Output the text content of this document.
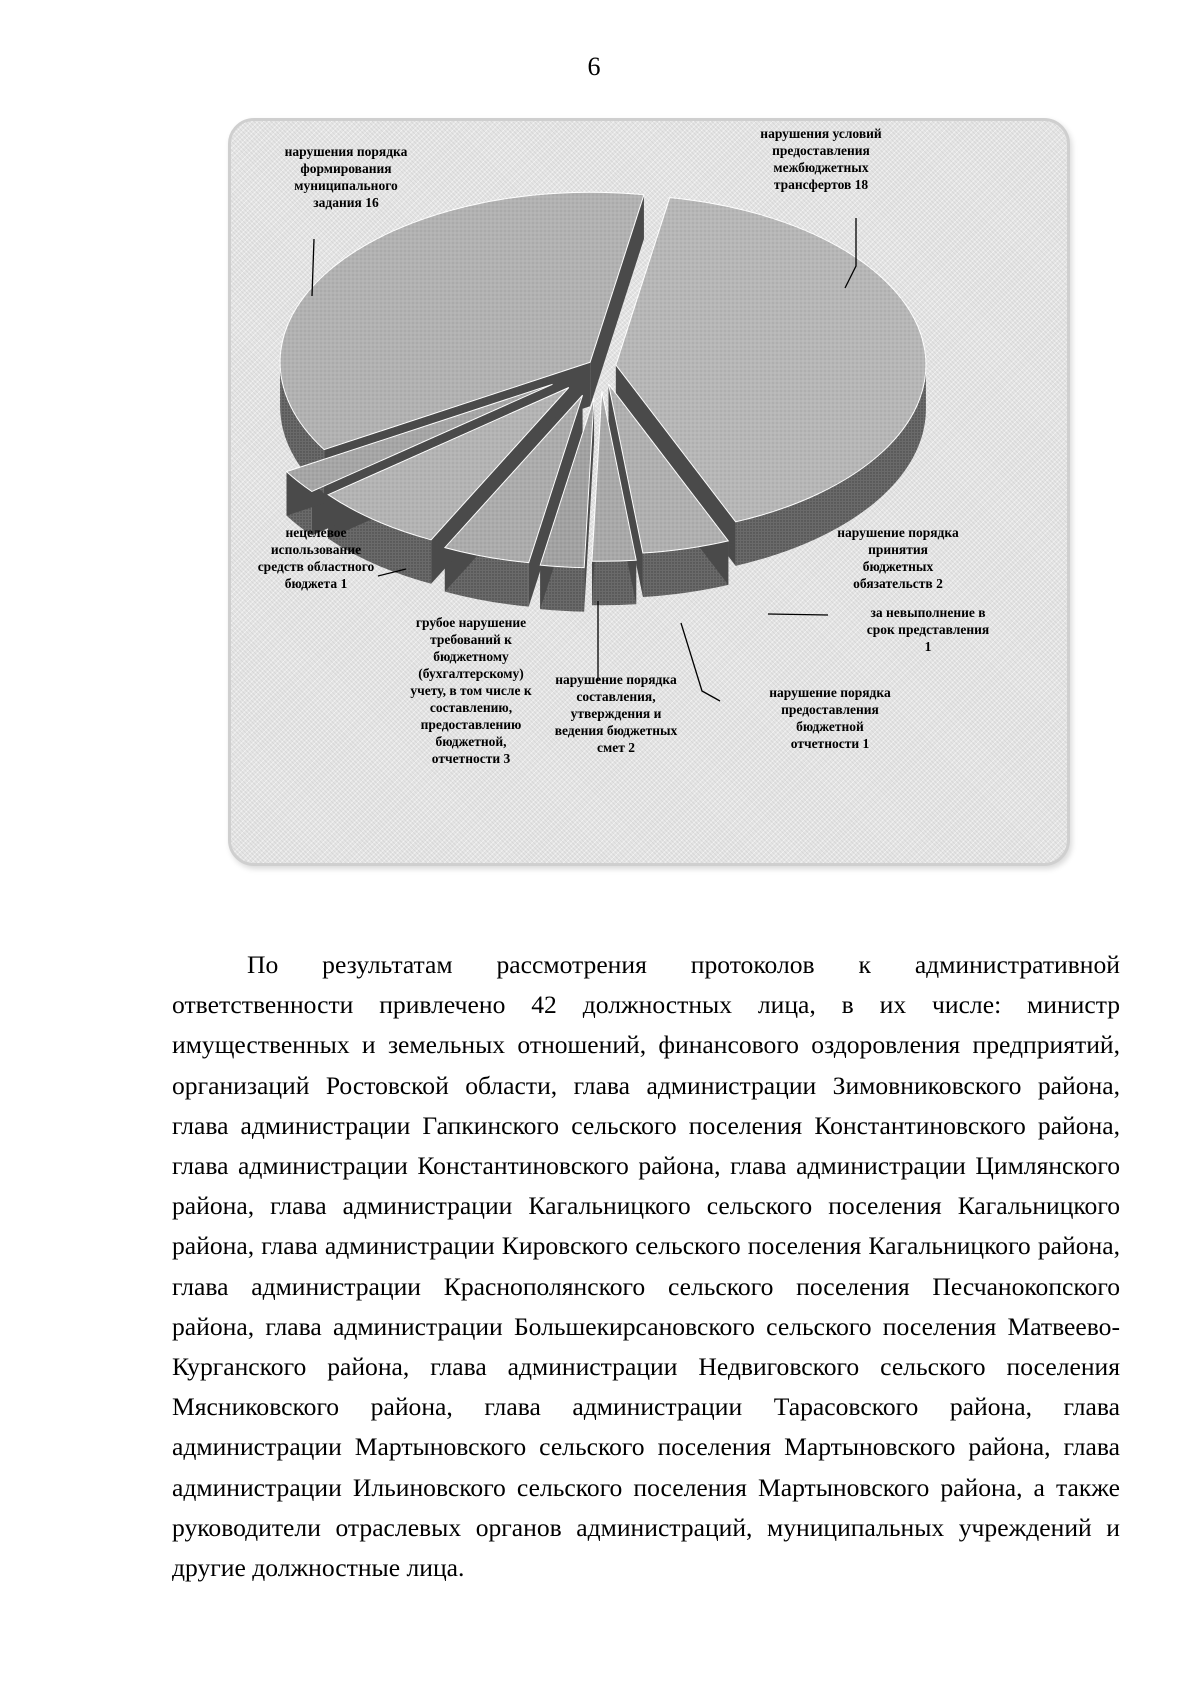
6
нарушения условий предоставления межбюджетных трансфертов 18
нарушение порядка принятия бюджетных обязательств 2
за невыполнение в срок представления 1
нарушение порядка предоставления бюджетной отчетности 1
нарушение порядка составления, утверждения и ведения бюджетных смет 2
грубое нарушение требований к бюджетному (бухгалтерскому) учету, в том числе к составлению, предоставлению бюджетной, отчетности 3
нецелевое использование средств областного бюджета 1
нарушения порядка формирования муниципального задания 16

По результатам рассмотрения протоколов к административной ответственности привлечено 42 должностных лица, в их числе: министр имущественных и земельных отношений, финансового оздоровления предприятий, организаций Ростовской области, глава администрации Зимовниковского района, глава администрации Гапкинского сельского поселения Константиновского района, глава администрации Константиновского района, глава администрации Цимлянского района, глава администрации Кагальницкого сельского поселения Кагальницкого района, глава администрации Кировского сельского поселения Кагальницкого района, глава администрации Краснополянского сельского поселения Песчанокопского района, глава администрации Большекирсановского сельского поселения Матвеево-Курганского района, глава администрации Недвиговского сельского поселения Мясниковского района, глава администрации Тарасовского района, глава администрации Мартыновского сельского поселения Мартыновского района, глава администрации Ильиновского сельского поселения Мартыновского района, а также руководители отраслевых органов администраций, муниципальных учреждений и другие должностные лица.
